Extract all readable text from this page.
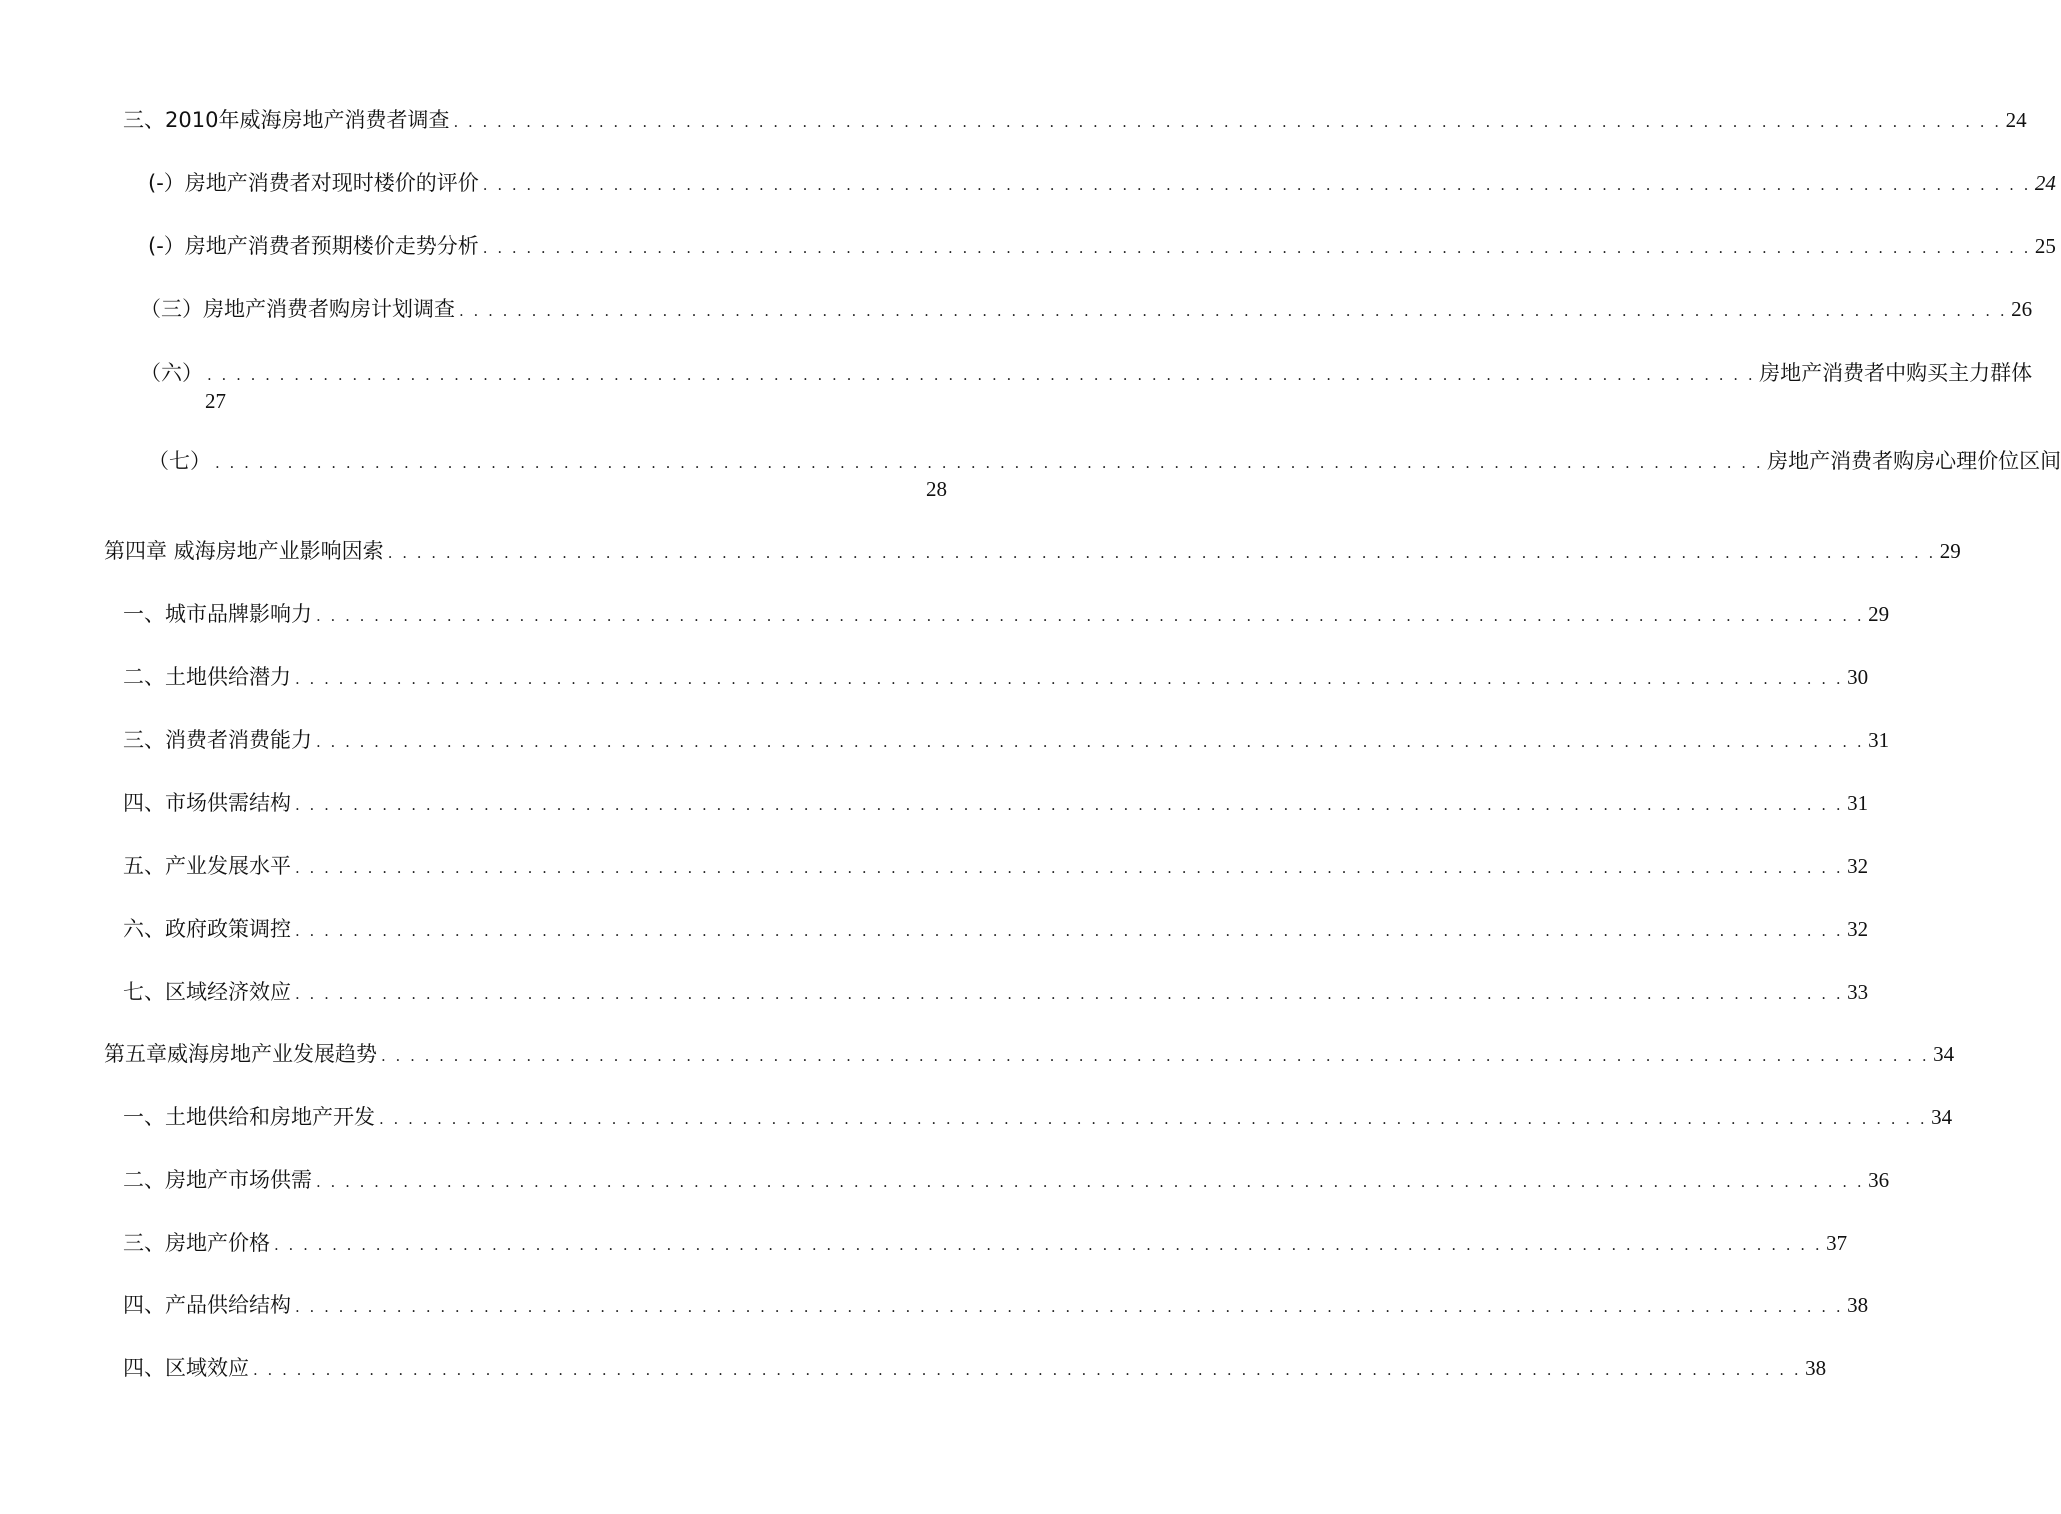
三、2010年威海房地产消费者调查 . . . . . . . . . . . . . . . . . . . . . . . . . . . . . . . . . . . . . . . . . . . . . . . . . . . . . . . . . . . . . . . . . . . . . . . . . . . . . . . . . . . . . . . . . . . . . . . . . . . . . . . . . . . 24
(-）房地产消费者对现时楼价的评价 . . . . . . . . . . . . . . . . . . . . . . . . . . . . . . . . . . . . . . . . . . . . . . . . . . . . . . . . . . . . . . . . . . . . . . . . . . . . . . . . . . . . . . . . . . . . . . . . . . . . . . . . . . . 24
(-）房地产消费者预期楼价走势分析 . . . . . . . . . . . . . . . . . . . . . . . . . . . . . . . . . . . . . . . . . . . . . . . . . . . . . . . . . . . . . . . . . . . . . . . . . . . . . . . . . . . . . . . . . . . . . . . . . . . . . . . . . . . 25
（三）房地产消费者购房计划调查 . . . . . . . . . . . . . . . . . . . . . . . . . . . . . . . . . . . . . . . . . . . . . . . . . . . . . . . . . . . . . . . . . . . . . . . . . . . . . . . . . . . . . . . . . . . . . . . . . . . . . . . . . . . 26
（六） . . . . . . . . . . . . . . . . . . . . . . . . . . . . . . . . . . . . . . . . . . . . . . . . . . . . . . . . . . . . . . . . . . . . . . . . . . . . . . . . . . . . . . . . . . . . . . . . . . . . . . . . . . . 房地产消费者中购买主力群体
27
（七） . . . . . . . . . . . . . . . . . . . . . . . . . . . . . . . . . . . . . . . . . . . . . . . . . . . . . . . . . . . . . . . . . . . . . . . . . . . . . . . . . . . . . . . . . . . . . . . . . . . . . . . . . . . 房地产消费者购房心理价位区间
28
第四章 威海房地产业影响因索 . . . . . . . . . . . . . . . . . . . . . . . . . . . . . . . . . . . . . . . . . . . . . . . . . . . . . . . . . . . . . . . . . . . . . . . . . . . . . . . . . . . . . . . . . . . . . . . . . . . . . . . . . . . 29
一、城市品牌影响力 . . . . . . . . . . . . . . . . . . . . . . . . . . . . . . . . . . . . . . . . . . . . . . . . . . . . . . . . . . . . . . . . . . . . . . . . . . . . . . . . . . . . . . . . . . . . . . . . . . . . . . . . . . . 29
二、土地供给潜力 . . . . . . . . . . . . . . . . . . . . . . . . . . . . . . . . . . . . . . . . . . . . . . . . . . . . . . . . . . . . . . . . . . . . . . . . . . . . . . . . . . . . . . . . . . . . . . . . . . . . . . . . . . . 30
三、消费者消费能力 . . . . . . . . . . . . . . . . . . . . . . . . . . . . . . . . . . . . . . . . . . . . . . . . . . . . . . . . . . . . . . . . . . . . . . . . . . . . . . . . . . . . . . . . . . . . . . . . . . . . . . . . . . . 31
四、市场供需结构 . . . . . . . . . . . . . . . . . . . . . . . . . . . . . . . . . . . . . . . . . . . . . . . . . . . . . . . . . . . . . . . . . . . . . . . . . . . . . . . . . . . . . . . . . . . . . . . . . . . . . . . . . . . 31
五、产业发展水平 . . . . . . . . . . . . . . . . . . . . . . . . . . . . . . . . . . . . . . . . . . . . . . . . . . . . . . . . . . . . . . . . . . . . . . . . . . . . . . . . . . . . . . . . . . . . . . . . . . . . . . . . . . . 32
六、政府政策调控 . . . . . . . . . . . . . . . . . . . . . . . . . . . . . . . . . . . . . . . . . . . . . . . . . . . . . . . . . . . . . . . . . . . . . . . . . . . . . . . . . . . . . . . . . . . . . . . . . . . . . . . . . . . 32
七、区域经济效应 . . . . . . . . . . . . . . . . . . . . . . . . . . . . . . . . . . . . . . . . . . . . . . . . . . . . . . . . . . . . . . . . . . . . . . . . . . . . . . . . . . . . . . . . . . . . . . . . . . . . . . . . . . . 33
第五章威海房地产业发展趋势 . . . . . . . . . . . . . . . . . . . . . . . . . . . . . . . . . . . . . . . . . . . . . . . . . . . . . . . . . . . . . . . . . . . . . . . . . . . . . . . . . . . . . . . . . . . . . . . . . . . . . . . . . . . 34
一、土地供给和房地产开发 . . . . . . . . . . . . . . . . . . . . . . . . . . . . . . . . . . . . . . . . . . . . . . . . . . . . . . . . . . . . . . . . . . . . . . . . . . . . . . . . . . . . . . . . . . . . . . . . . . . . . . . . . . . 34
二、房地产市场供需 . . . . . . . . . . . . . . . . . . . . . . . . . . . . . . . . . . . . . . . . . . . . . . . . . . . . . . . . . . . . . . . . . . . . . . . . . . . . . . . . . . . . . . . . . . . . . . . . . . . . . . . . . . . 36
三、房地产价格 . . . . . . . . . . . . . . . . . . . . . . . . . . . . . . . . . . . . . . . . . . . . . . . . . . . . . . . . . . . . . . . . . . . . . . . . . . . . . . . . . . . . . . . . . . . . . . . . . . . . . . . . . . . 37
四、产品供给结构 . . . . . . . . . . . . . . . . . . . . . . . . . . . . . . . . . . . . . . . . . . . . . . . . . . . . . . . . . . . . . . . . . . . . . . . . . . . . . . . . . . . . . . . . . . . . . . . . . . . . . . . . . . . 38
四、区域效应 . . . . . . . . . . . . . . . . . . . . . . . . . . . . . . . . . . . . . . . . . . . . . . . . . . . . . . . . . . . . . . . . . . . . . . . . . . . . . . . . . . . . . . . . . . . . . . . . . . . . . . . . . . . 38
